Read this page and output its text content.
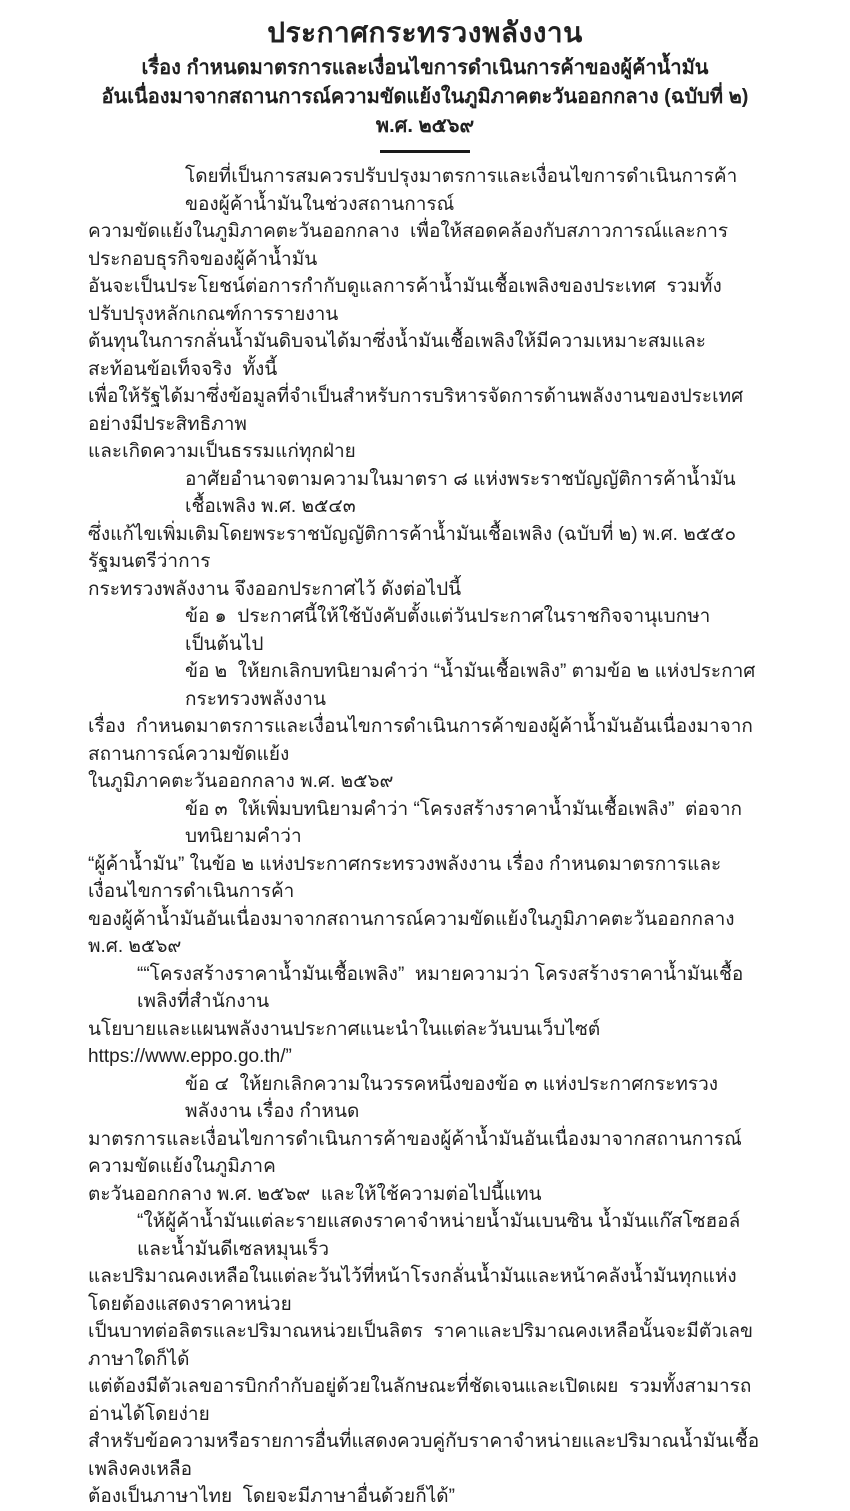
ประกาศกระทรวงพลังงาน
เรื่อง กำหนดมาตรการและเงื่อนไขการดำเนินการค้าของผู้ค้าน้ำมัน
อันเนื่องมาจากสถานการณ์ความขัดแย้งในภูมิภาคตะวันออกกลาง (ฉบับที่ ๒)
พ.ศ. ๒๕๖๙
โดยที่เป็นการสมควรปรับปรุงมาตรการและเงื่อนไขการดำเนินการค้าของผู้ค้าน้ำมันในช่วงสถานการณ์
ความขัดแย้งในภูมิภาคตะวันออกกลาง  เพื่อให้สอดคล้องกับสภาวการณ์และการประกอบธุรกิจของผู้ค้าน้ำมัน
อันจะเป็นประโยชน์ต่อการกำกับดูแลการค้าน้ำมันเชื้อเพลิงของประเทศ  รวมทั้งปรับปรุงหลักเกณฑ์การรายงาน
ต้นทุนในการกลั่นน้ำมันดิบจนได้มาซึ่งน้ำมันเชื้อเพลิงให้มีความเหมาะสมและสะท้อนข้อเท็จจริง  ทั้งนี้
เพื่อให้รัฐได้มาซึ่งข้อมูลที่จำเป็นสำหรับการบริหารจัดการด้านพลังงานของประเทศอย่างมีประสิทธิภาพ
และเกิดความเป็นธรรมแก่ทุกฝ่าย
อาศัยอำนาจตามความในมาตรา ๘ แห่งพระราชบัญญัติการค้าน้ำมันเชื้อเพลิง พ.ศ. ๒๕๔๓
ซึ่งแก้ไขเพิ่มเติมโดยพระราชบัญญัติการค้าน้ำมันเชื้อเพลิง (ฉบับที่ ๒) พ.ศ. ๒๕๕๐ รัฐมนตรีว่าการ
กระทรวงพลังงาน จึงออกประกาศไว้ ดังต่อไปนี้
ข้อ ๑  ประกาศนี้ให้ใช้บังคับตั้งแต่วันประกาศในราชกิจจานุเบกษาเป็นต้นไป
ข้อ ๒  ให้ยกเลิกบทนิยามคำว่า “น้ำมันเชื้อเพลิง” ตามข้อ ๒ แห่งประกาศกระทรวงพลังงาน
เรื่อง  กำหนดมาตรการและเงื่อนไขการดำเนินการค้าของผู้ค้าน้ำมันอันเนื่องมาจากสถานการณ์ความขัดแย้ง
ในภูมิภาคตะวันออกกลาง พ.ศ. ๒๕๖๙
ข้อ ๓  ให้เพิ่มบทนิยามคำว่า “โครงสร้างราคาน้ำมันเชื้อเพลิง”  ต่อจากบทนิยามคำว่า
“ผู้ค้าน้ำมัน” ในข้อ ๒ แห่งประกาศกระทรวงพลังงาน เรื่อง กำหนดมาตรการและเงื่อนไขการดำเนินการค้า
ของผู้ค้าน้ำมันอันเนื่องมาจากสถานการณ์ความขัดแย้งในภูมิภาคตะวันออกกลาง พ.ศ. ๒๕๖๙
““โครงสร้างราคาน้ำมันเชื้อเพลิง”  หมายความว่า โครงสร้างราคาน้ำมันเชื้อเพลิงที่สำนักงาน
นโยบายและแผนพลังงานประกาศแนะนำในแต่ละวันบนเว็บไซต์  https://www.eppo.go.th/”
ข้อ ๔  ให้ยกเลิกความในวรรคหนึ่งของข้อ ๓ แห่งประกาศกระทรวงพลังงาน เรื่อง กำหนด
มาตรการและเงื่อนไขการดำเนินการค้าของผู้ค้าน้ำมันอันเนื่องมาจากสถานการณ์ความขัดแย้งในภูมิภาค
ตะวันออกกลาง พ.ศ. ๒๕๖๙  และให้ใช้ความต่อไปนี้แทน
“ให้ผู้ค้าน้ำมันแต่ละรายแสดงราคาจำหน่ายน้ำมันเบนซิน น้ำมันแก๊สโซฮอล์ และน้ำมันดีเซลหมุนเร็ว
และปริมาณคงเหลือในแต่ละวันไว้ที่หน้าโรงกลั่นน้ำมันและหน้าคลังน้ำมันทุกแห่ง โดยต้องแสดงราคาหน่วย
เป็นบาทต่อลิตรและปริมาณหน่วยเป็นลิตร  ราคาและปริมาณคงเหลือนั้นจะมีตัวเลขภาษาใดก็ได้
แต่ต้องมีตัวเลขอารบิกกำกับอยู่ด้วยในลักษณะที่ชัดเจนและเปิดเผย  รวมทั้งสามารถอ่านได้โดยง่าย
สำหรับข้อความหรือรายการอื่นที่แสดงควบคู่กับราคาจำหน่ายและปริมาณน้ำมันเชื้อเพลิงคงเหลือ
ต้องเป็นภาษาไทย  โดยจะมีภาษาอื่นด้วยก็ได้”
